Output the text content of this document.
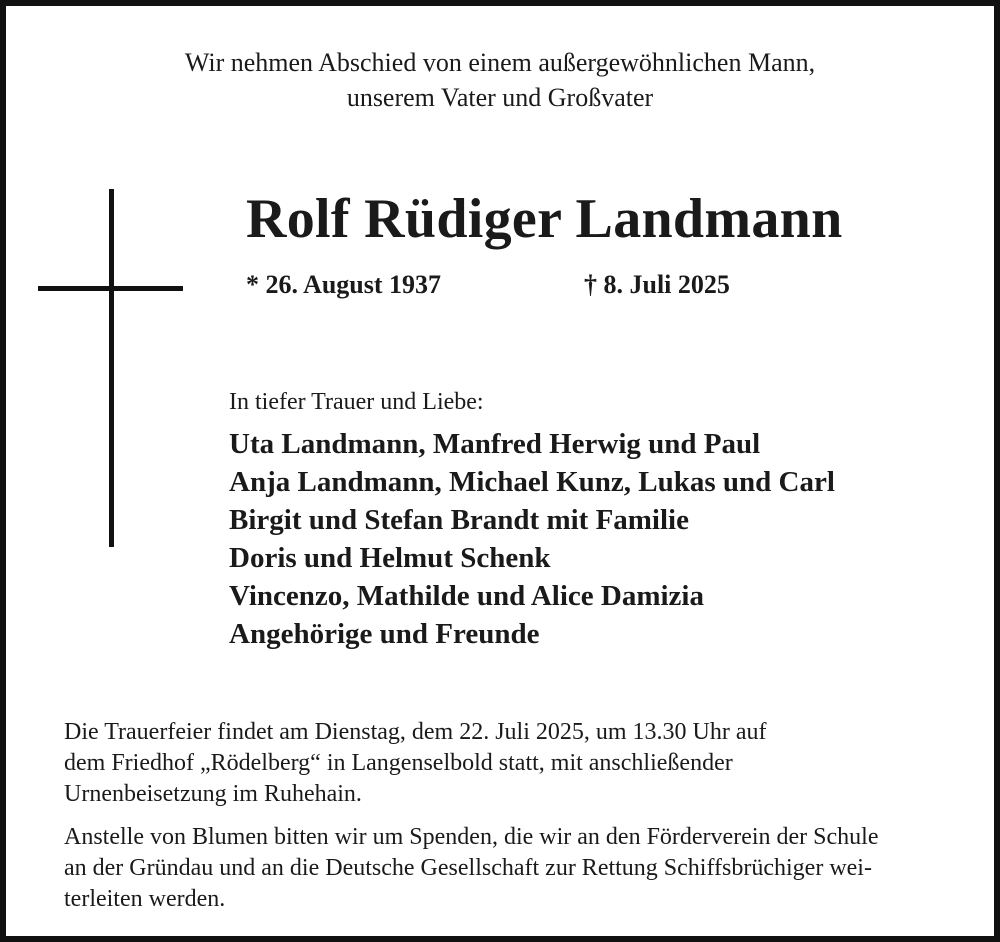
Wir nehmen Abschied von einem außergewöhnlichen Mann,
unserem Vater und Großvater
Rolf Rüdiger Landmann
* 26. August 1937	† 8. Juli 2025
In tiefer Trauer und Liebe:
Uta Landmann, Manfred Herwig und Paul
Anja Landmann, Michael Kunz, Lukas und Carl
Birgit und Stefan Brandt mit Familie
Doris und Helmut Schenk
Vincenzo, Mathilde und Alice Damizia
Angehörige und Freunde

Die Trauerfeier findet am Dienstag, dem 22. Juli 2025, um 13.30 Uhr auf
dem Friedhof „Rödelberg“ in Langenselbold statt, mit anschließender
Urnenbeisetzung im Ruhehain.

Anstelle von Blumen bitten wir um Spenden, die wir an den Förderverein der Schule
an der Gründau und an die Deutsche Gesellschaft zur Rettung Schiffsbrüchiger wei-
terleiten werden.
